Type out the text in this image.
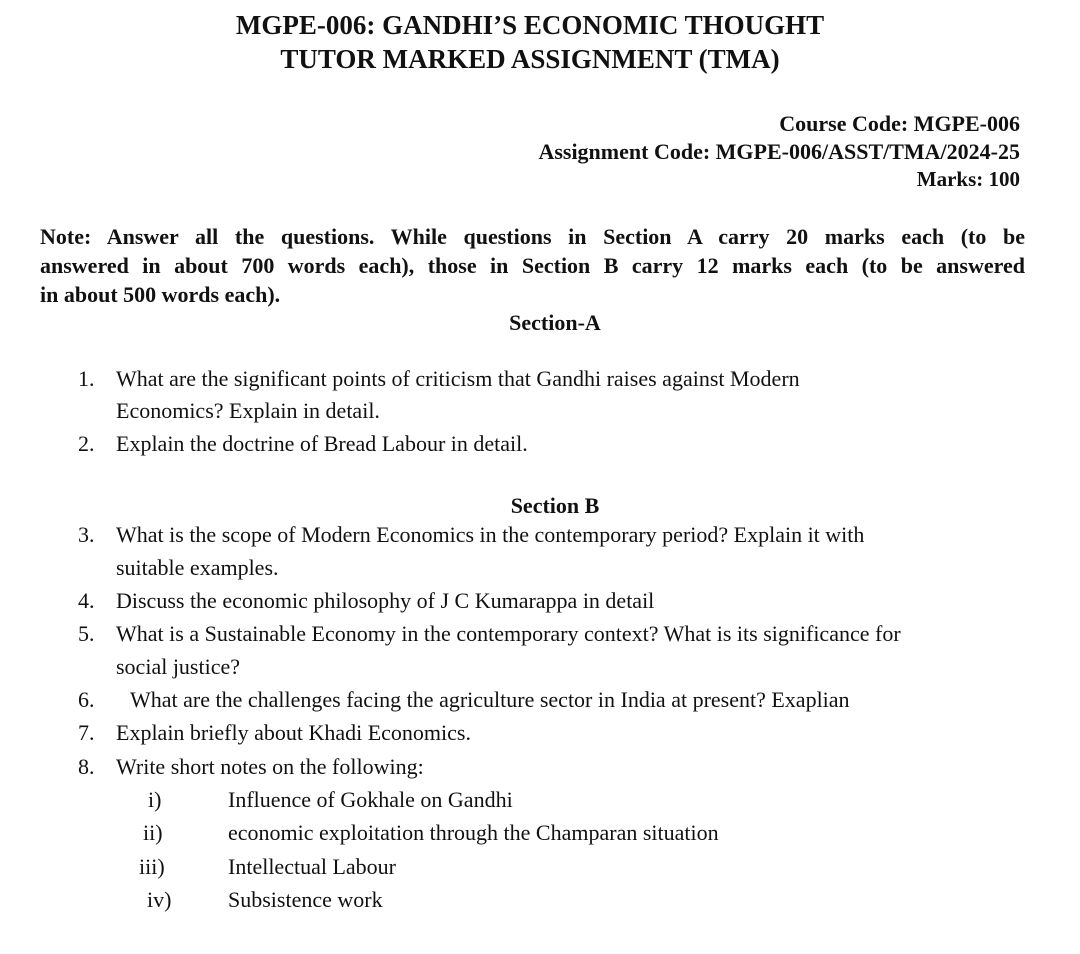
MGPE-006: GANDHI’S ECONOMIC THOUGHT
TUTOR MARKED ASSIGNMENT (TMA)
Course Code: MGPE-006
Assignment Code: MGPE-006/ASST/TMA/2024-25
Marks: 100
Note: Answer all the questions. While questions in Section A carry 20 marks each (to be
answered in about 700 words each), those in Section B carry 12 marks each (to be answered
in about 500 words each).
Section-A
1. What are the significant points of criticism that Gandhi raises against Modern
Economics? Explain in detail.
2. Explain the doctrine of Bread Labour in detail.
Section B
3. What is the scope of Modern Economics in the contemporary period? Explain it with
suitable examples.
4. Discuss the economic philosophy of J C Kumarappa in detail
5. What is a Sustainable Economy in the contemporary context? What is its significance for
social justice?
6. What are the challenges facing the agriculture sector in India at present? Exaplian
7. Explain briefly about Khadi Economics.
8. Write short notes on the following:
i)	Influence of Gokhale on Gandhi
ii)	economic exploitation through the Champaran situation
iii)	Intellectual Labour
iv)	Subsistence work
